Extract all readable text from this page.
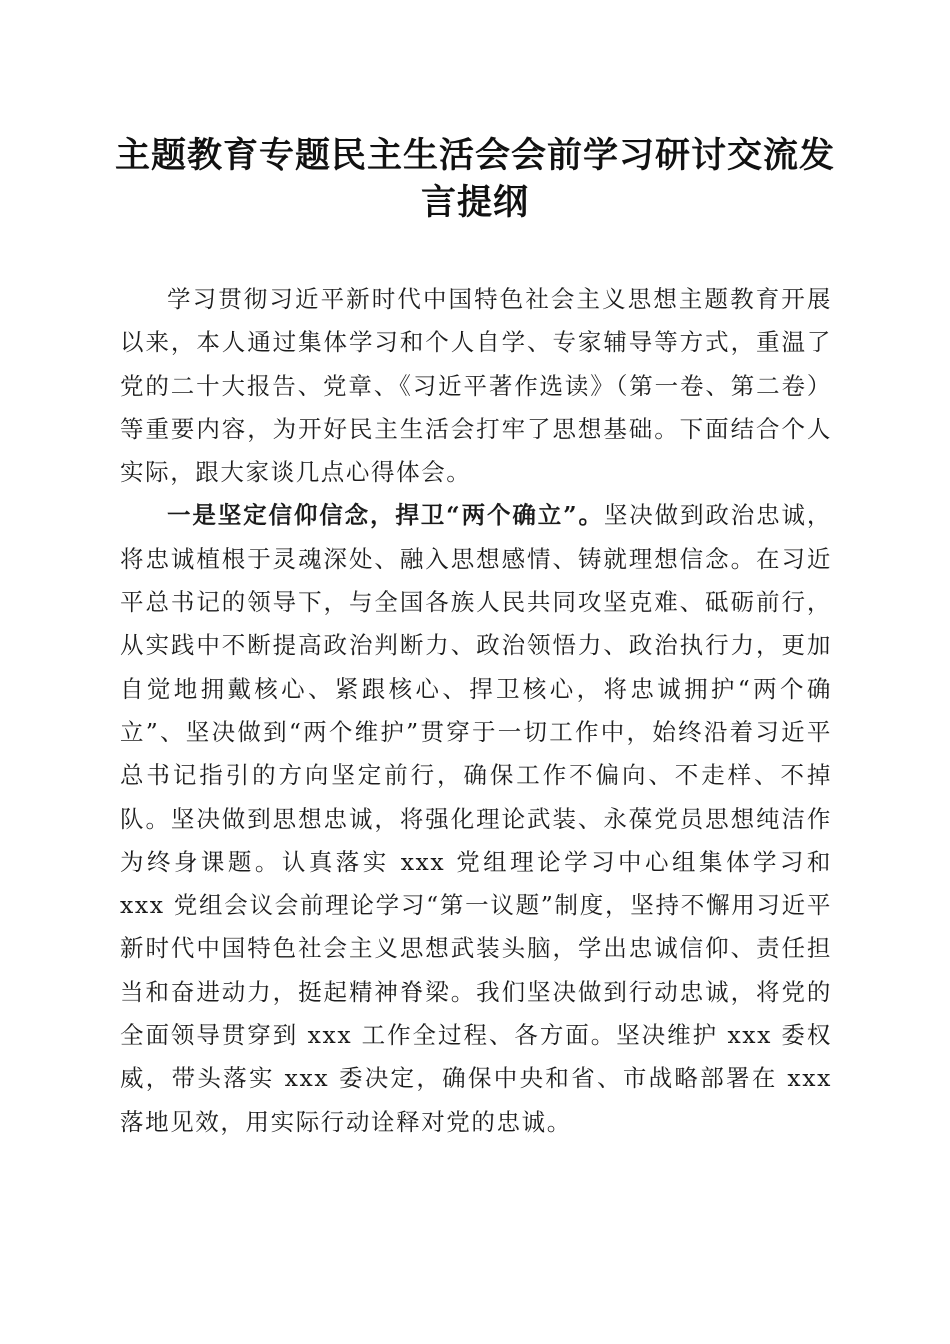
主题教育专题民主生活会会前学习研讨交流发言提纲

学习贯彻习近平新时代中国特色社会主义思想主题教育开展以来，本人通过集体学习和个人自学、专家辅导等方式，重温了党的二十大报告、党章、《习近平著作选读》（第一卷、第二卷）等重要内容，为开好民主生活会打牢了思想基础。下面结合个人实际，跟大家谈几点心得体会。

一是坚定信仰信念，捍卫“两个确立”。坚决做到政治忠诚，将忠诚植根于灵魂深处、融入思想感情、铸就理想信念。在习近平总书记的领导下，与全国各族人民共同攻坚克难、砥砺前行，从实践中不断提高政治判断力、政治领悟力、政治执行力，更加自觉地拥戴核心、紧跟核心、捍卫核心，将忠诚拥护“两个确立”、坚决做到“两个维护”贯穿于一切工作中，始终沿着习近平总书记指引的方向坚定前行，确保工作不偏向、不走样、不掉队。坚决做到思想忠诚，将强化理论武装、永葆党员思想纯洁作为终身课题。认真落实 xxx 党组理论学习中心组集体学习和 xxx 党组会议会前理论学习“第一议题”制度，坚持不懈用习近平新时代中国特色社会主义思想武装头脑，学出忠诚信仰、责任担当和奋进动力，挺起精神脊梁。我们坚决做到行动忠诚，将党的全面领导贯穿到 xxx 工作全过程、各方面。坚决维护 xxx 委权威，带头落实 xxx 委决定，确保中央和省、市战略部署在 xxx 落地见效，用实际行动诠释对党的忠诚。
